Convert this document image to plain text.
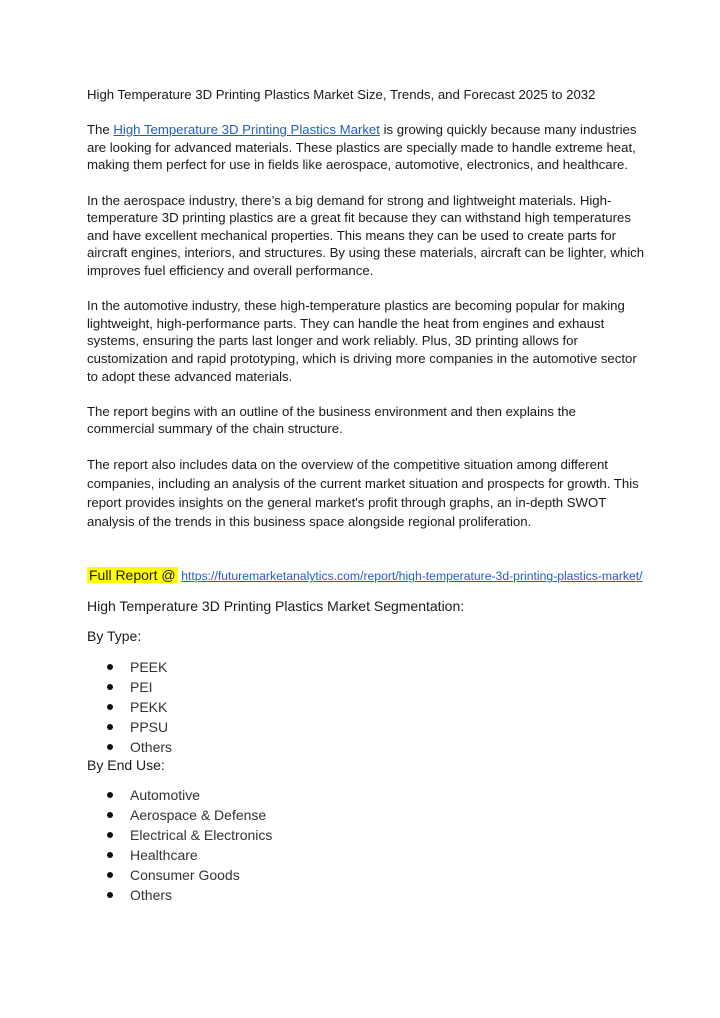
High Temperature 3D Printing Plastics Market Size, Trends, and Forecast 2025 to 2032

The High Temperature 3D Printing Plastics Market is growing quickly because many industries are looking for advanced materials. These plastics are specially made to handle extreme heat, making them perfect for use in fields like aerospace, automotive, electronics, and healthcare.

In the aerospace industry, there’s a big demand for strong and lightweight materials. High-temperature 3D printing plastics are a great fit because they can withstand high temperatures and have excellent mechanical properties. This means they can be used to create parts for aircraft engines, interiors, and structures. By using these materials, aircraft can be lighter, which improves fuel efficiency and overall performance.

In the automotive industry, these high-temperature plastics are becoming popular for making lightweight, high-performance parts. They can handle the heat from engines and exhaust systems, ensuring the parts last longer and work reliably. Plus, 3D printing allows for customization and rapid prototyping, which is driving more companies in the automotive sector to adopt these advanced materials.

The report begins with an outline of the business environment and then explains the commercial summary of the chain structure.

The report also includes data on the overview of the competitive situation among different companies, including an analysis of the current market situation and prospects for growth. This report provides insights on the general market's profit through graphs, an in-depth SWOT analysis of the trends in this business space alongside regional proliferation.

Full Report @ https://futuremarketanalytics.com/report/high-temperature-3d-printing-plastics-market/
High Temperature 3D Printing Plastics Market Segmentation:
By Type:
PEEK
PEI
PEKK
PPSU
Others
By End Use:
Automotive
Aerospace & Defense
Electrical & Electronics
Healthcare
Consumer Goods
Others
